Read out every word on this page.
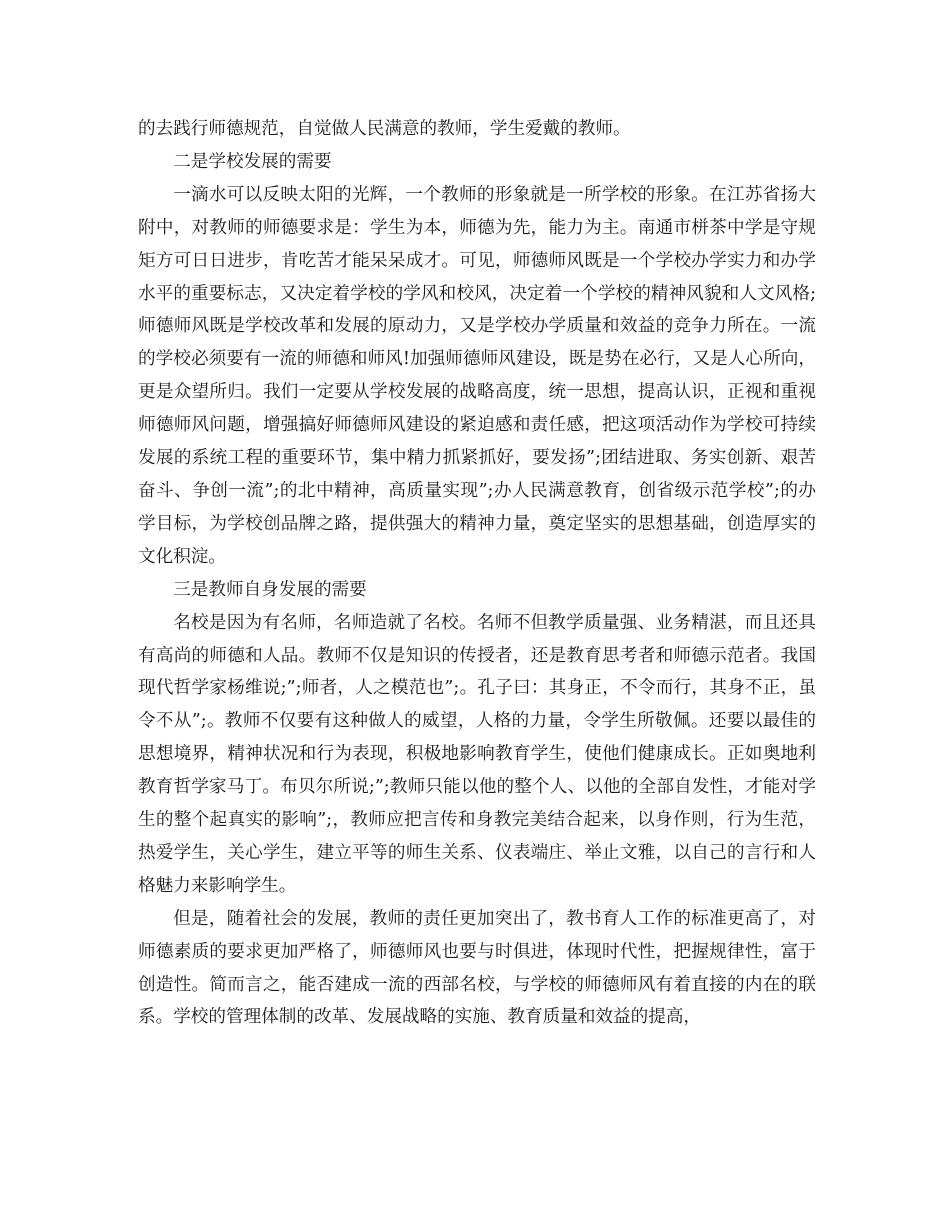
的去践行师德规范，自觉做人民满意的教师，学生爱戴的教师。

二是学校发展的需要

一滴水可以反映太阳的光辉，一个教师的形象就是一所学校的形象。在江苏省扬大附中，对教师的师德要求是：学生为本，师德为先，能力为主。南通市栟茶中学是守规矩方可日日进步，肯吃苦才能呆呆成才。可见，师德师风既是一个学校办学实力和办学水平的重要标志，又决定着学校的学风和校风，决定着一个学校的精神风貌和人文风格;师德师风既是学校改革和发展的原动力，又是学校办学质量和效益的竞争力所在。一流的学校必须要有一流的师德和师风!加强师德师风建设，既是势在必行，又是人心所向，更是众望所归。我们一定要从学校发展的战略高度，统一思想，提高认识，正视和重视师德师风问题，增强搞好师德师风建设的紧迫感和责任感，把这项活动作为学校可持续发展的系统工程的重要环节，集中精力抓紧抓好，要发扬”;团结进取、务实创新、艰苦奋斗、争创一流”;的北中精神，高质量实现”;办人民满意教育，创省级示范学校”;的办学目标，为学校创品牌之路，提供强大的精神力量，奠定坚实的思想基础，创造厚实的文化积淀。

三是教师自身发展的需要

名校是因为有名师，名师造就了名校。名师不但教学质量强、业务精湛，而且还具有高尚的师德和人品。教师不仅是知识的传授者，还是教育思考者和师德示范者。我国现代哲学家杨维说;”;师者，人之模范也”;。孔子曰：其身正，不令而行，其身不正，虽令不从”;。教师不仅要有这种做人的威望，人格的力量，令学生所敬佩。还要以最佳的思想境界，精神状况和行为表现，积极地影响教育学生，使他们健康成长。正如奥地利教育哲学家马丁。布贝尔所说;”;教师只能以他的整个人、以他的全部自发性，才能对学生的整个起真实的影响”;，教师应把言传和身教完美结合起来，以身作则，行为生范，热爱学生，关心学生，建立平等的师生关系、仪表端庄、举止文雅，以自己的言行和人格魅力来影响学生。

但是，随着社会的发展，教师的责任更加突出了，教书育人工作的标准更高了，对师德素质的要求更加严格了，师德师风也要与时俱进，体现时代性，把握规律性，富于创造性。简而言之，能否建成一流的西部名校，与学校的师德师风有着直接的内在的联系。学校的管理体制的改革、发展战略的实施、教育质量和效益的提高，
